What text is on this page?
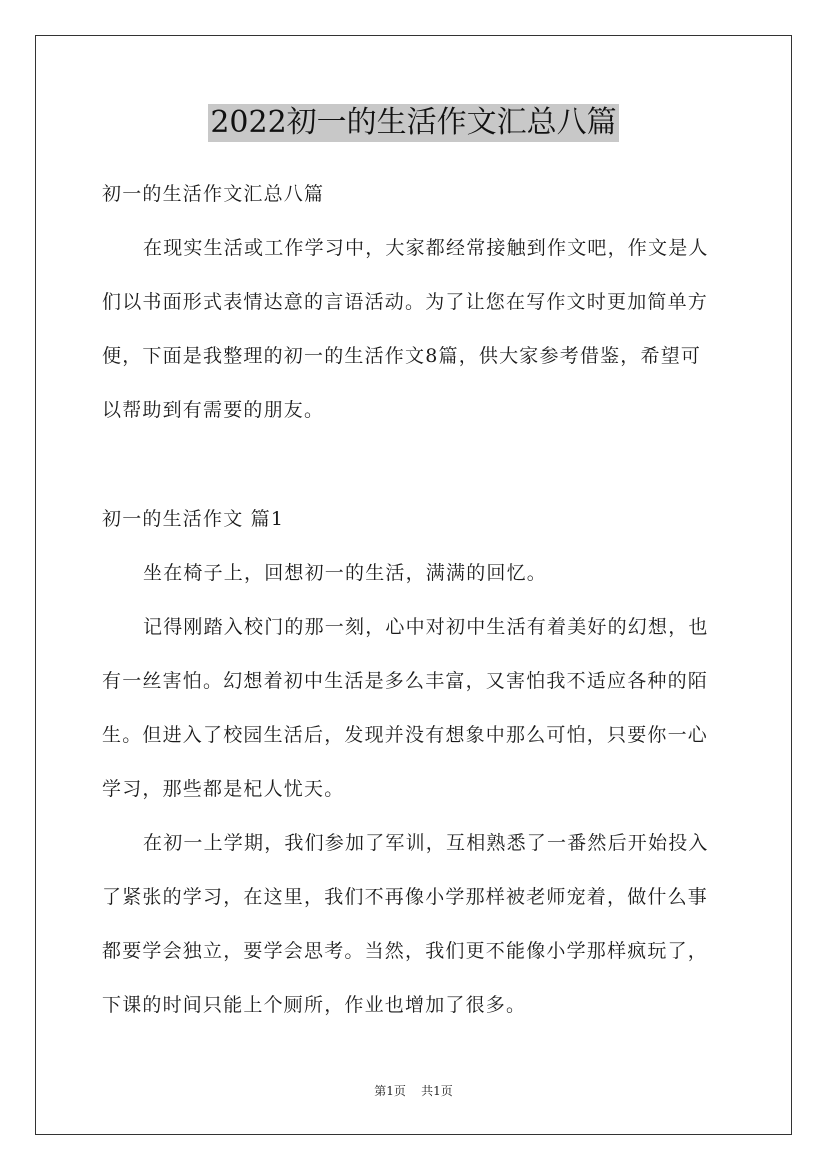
2022初一的生活作文汇总八篇
初一的生活作文汇总八篇
在现实生活或工作学习中，大家都经常接触到作文吧，作文是人
们以书面形式表情达意的言语活动。为了让您在写作文时更加简单方
便，下面是我整理的初一的生活作文8篇，供大家参考借鉴，希望可
以帮助到有需要的朋友。
初一的生活作文 篇1
坐在椅子上，回想初一的生活，满满的回忆。
记得刚踏入校门的那一刻，心中对初中生活有着美好的幻想，也
有一丝害怕。幻想着初中生活是多么丰富，又害怕我不适应各种的陌
生。但进入了校园生活后，发现并没有想象中那么可怕，只要你一心
学习，那些都是杞人忧天。
在初一上学期，我们参加了军训，互相熟悉了一番然后开始投入
了紧张的学习，在这里，我们不再像小学那样被老师宠着，做什么事
都要学会独立，要学会思考。当然，我们更不能像小学那样疯玩了，
下课的时间只能上个厕所，作业也增加了很多。
第1页 共1页
